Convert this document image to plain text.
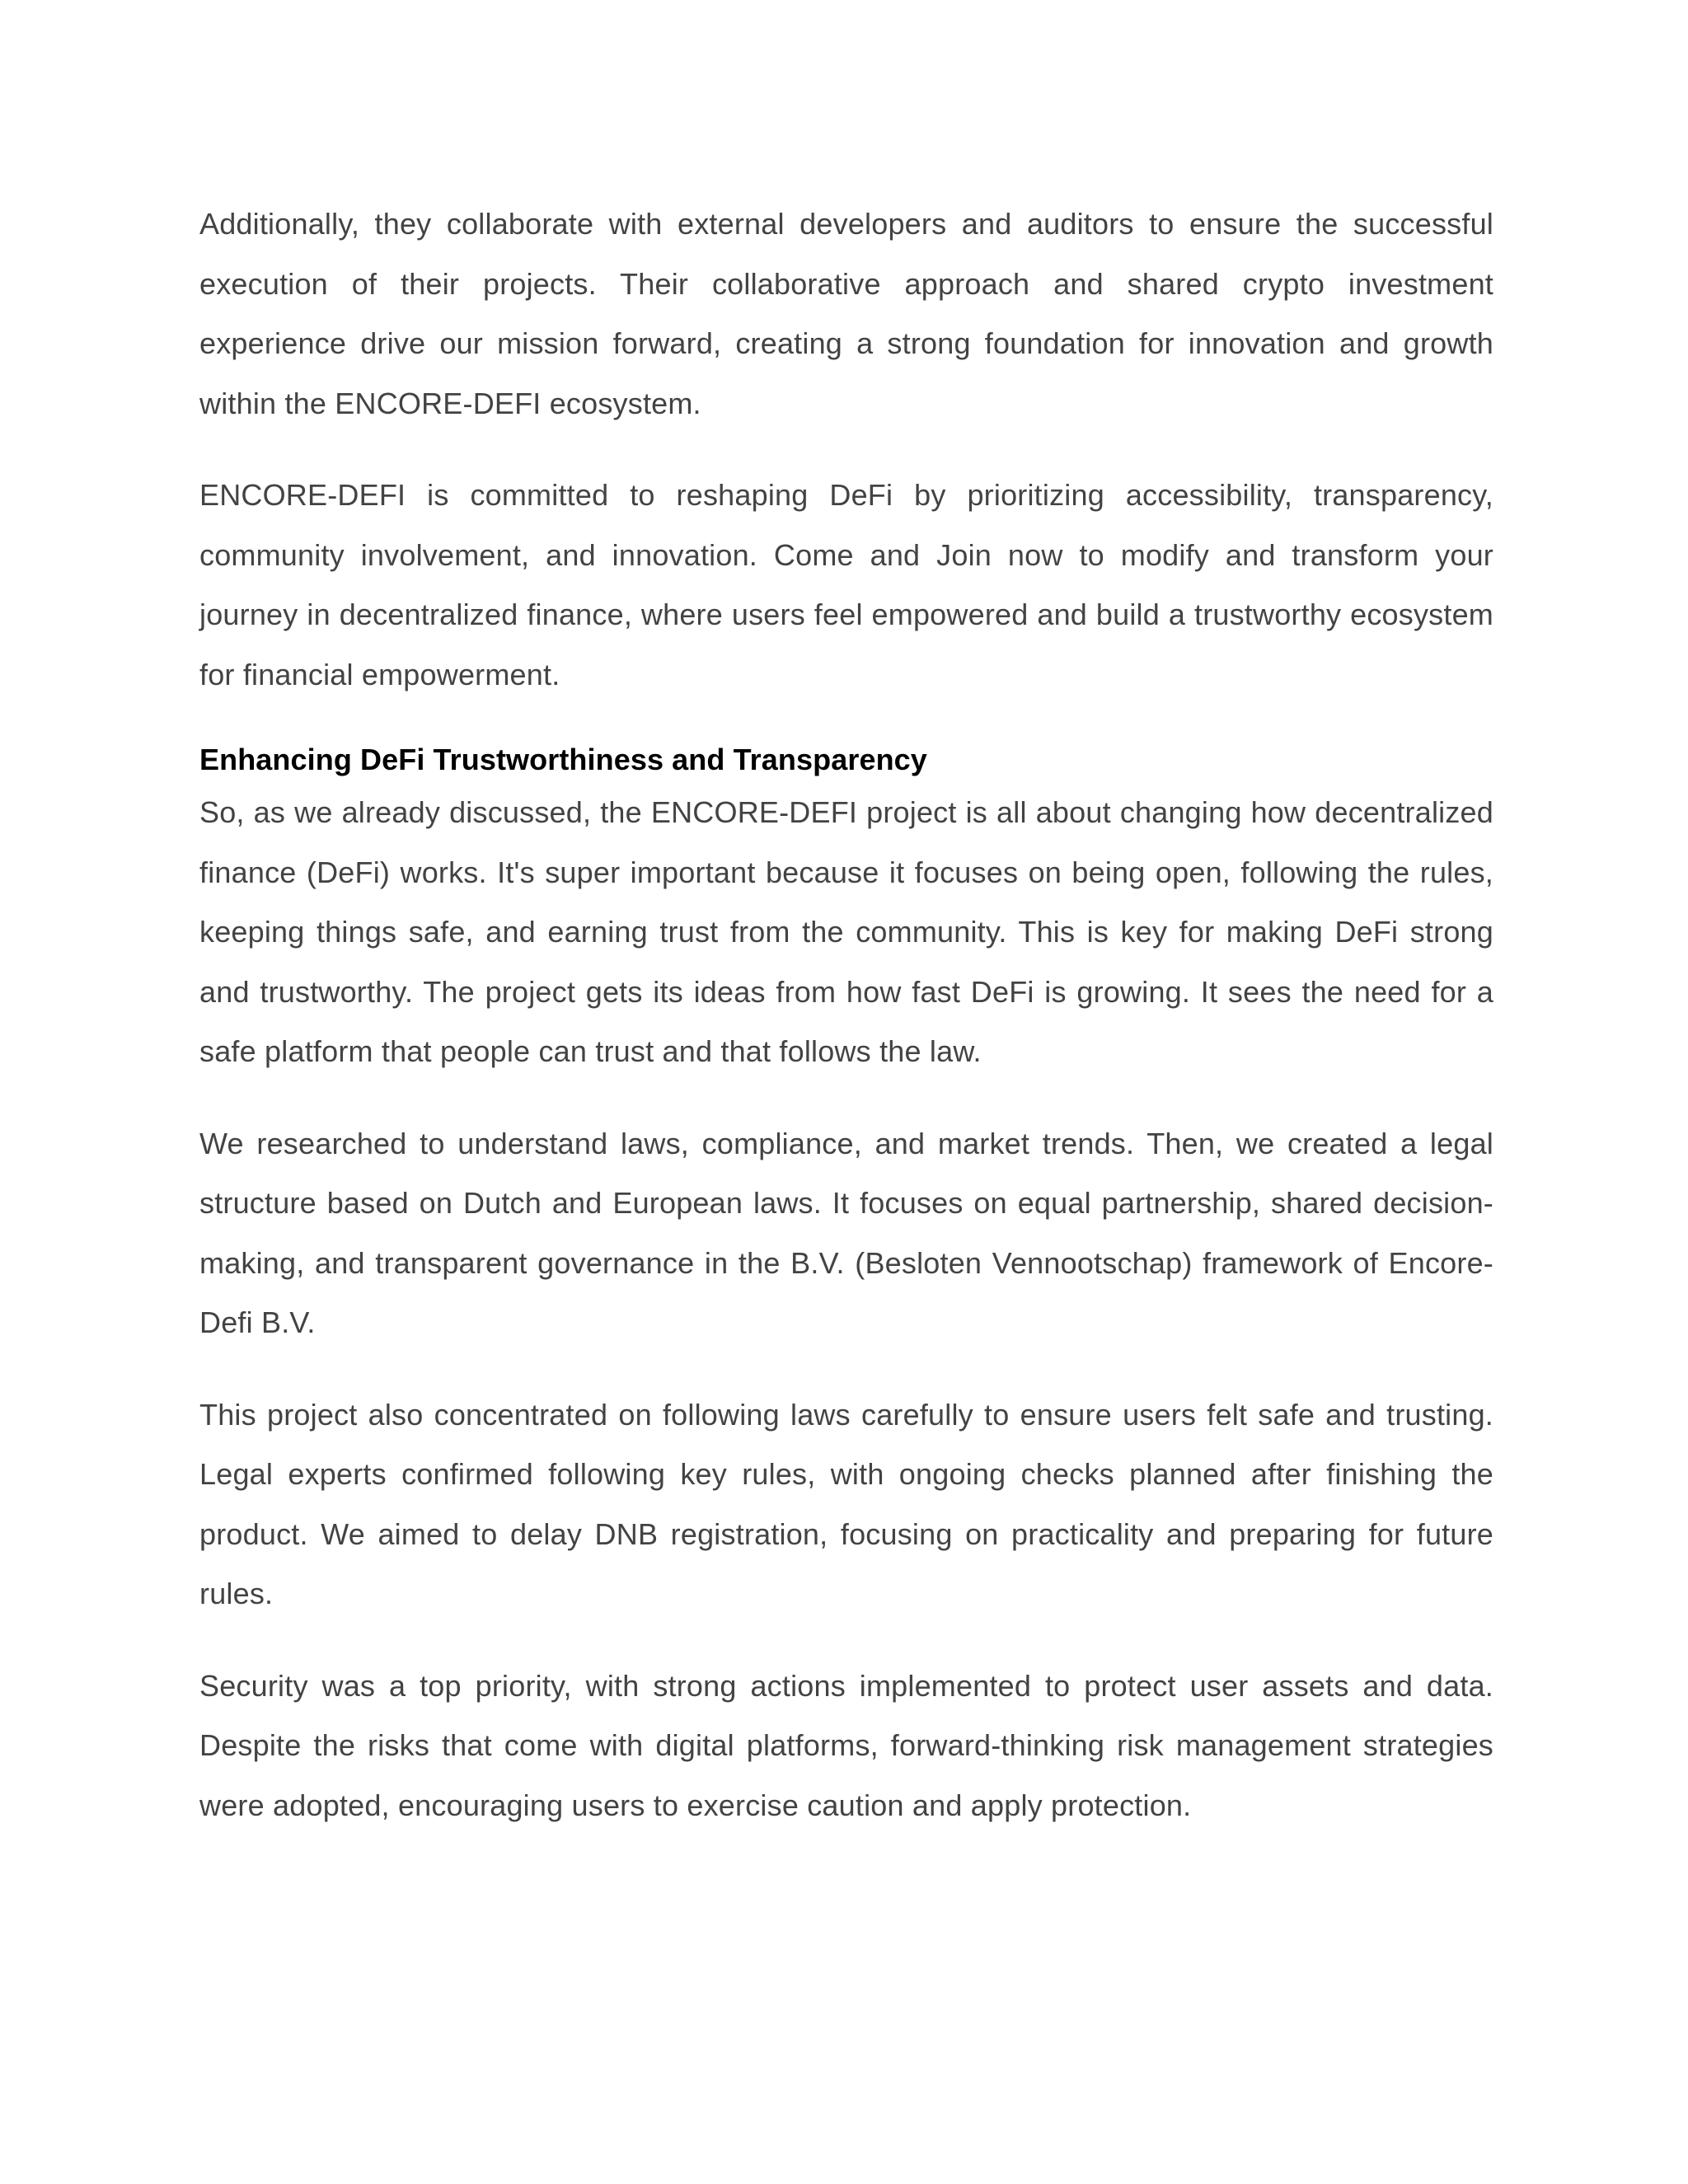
Additionally, they collaborate with external developers and auditors to ensure the successful execution of their projects. Their collaborative approach and shared crypto investment experience drive our mission forward, creating a strong foundation for innovation and growth within the ENCORE-DEFI ecosystem.

ENCORE-DEFI is committed to reshaping DeFi by prioritizing accessibility, transparency, community involvement, and innovation. Come and Join now to modify and transform your journey in decentralized finance, where users feel empowered and build a trustworthy ecosystem for financial empowerment.

Enhancing DeFi Trustworthiness and Transparency

So, as we already discussed, the ENCORE-DEFI project is all about changing how decentralized finance (DeFi) works. It's super important because it focuses on being open, following the rules, keeping things safe, and earning trust from the community. This is key for making DeFi strong and trustworthy. The project gets its ideas from how fast DeFi is growing. It sees the need for a safe platform that people can trust and that follows the law.

We researched to understand laws, compliance, and market trends. Then, we created a legal structure based on Dutch and European laws. It focuses on equal partnership, shared decision-making, and transparent governance in the B.V. (Besloten Vennootschap) framework of Encore-Defi B.V.

This project also concentrated on following laws carefully to ensure users felt safe and trusting. Legal experts confirmed following key rules, with ongoing checks planned after finishing the product. We aimed to delay DNB registration, focusing on practicality and preparing for future rules.

Security was a top priority, with strong actions implemented to protect user assets and data. Despite the risks that come with digital platforms, forward-thinking risk management strategies were adopted, encouraging users to exercise caution and apply protection.
